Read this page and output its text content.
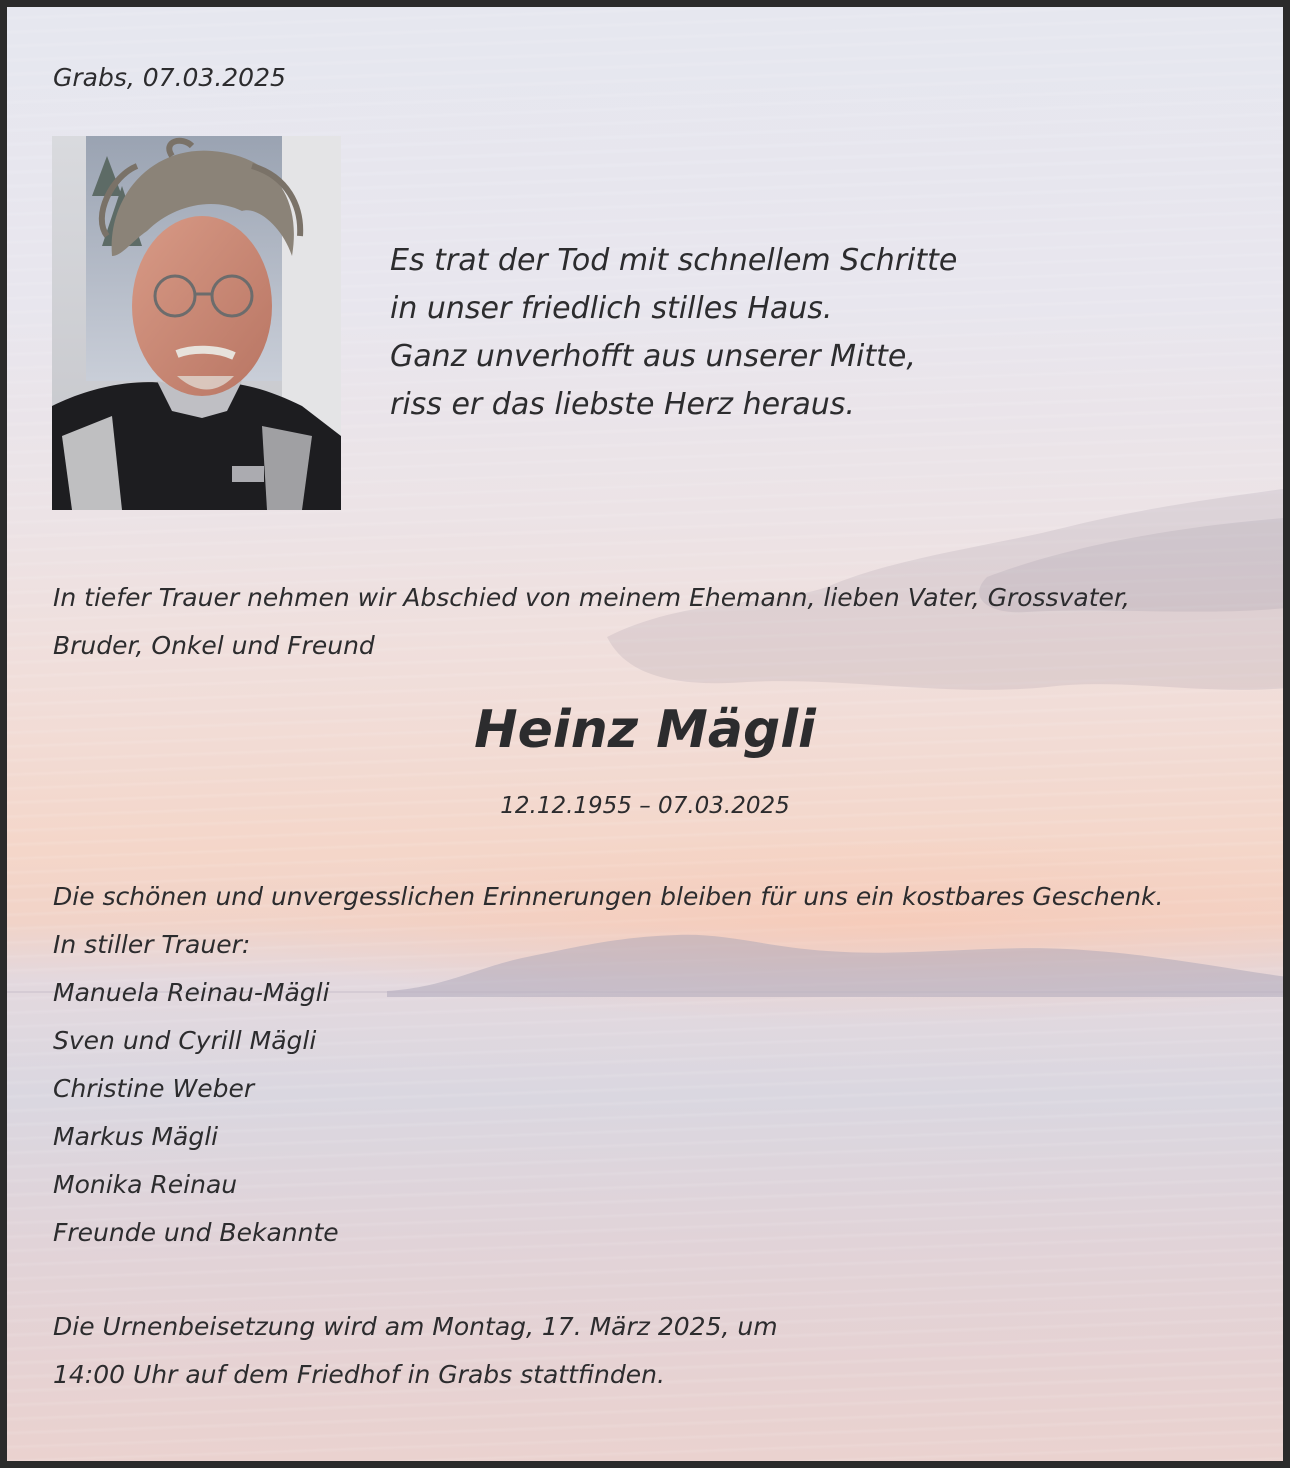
Grabs, 07.03.2025
Es trat der Tod mit schnellem Schritte
in unser friedlich stilles Haus.
Ganz unverhofft aus unserer Mitte,
riss er das liebste Herz heraus.
In tiefer Trauer nehmen wir Abschied von meinem Ehemann, lieben Vater, Grossvater,
Bruder, Onkel und Freund
Heinz Mägli
12.12.1955 – 07.03.2025
Die schönen und unvergesslichen Erinnerungen bleiben für uns ein kostbares Geschenk.
In stiller Trauer:
Manuela Reinau-Mägli
Sven und Cyrill Mägli
Christine Weber
Markus Mägli
Monika Reinau
Freunde und Bekannte
Die Urnenbeisetzung wird am Montag, 17. März 2025, um
14:00 Uhr auf dem Friedhof in Grabs stattfinden.
